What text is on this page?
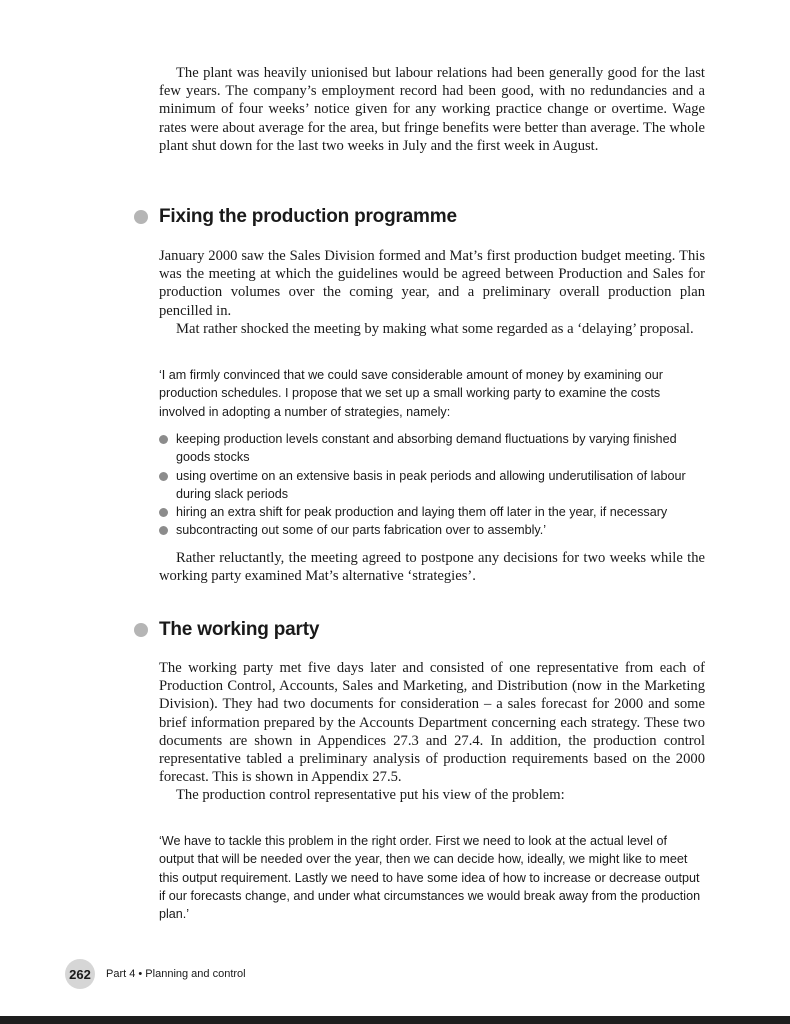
The plant was heavily unionised but labour relations had been generally good for the last few years. The company’s employment record had been good, with no redundancies and a minimum of four weeks’ notice given for any working practice change or overtime. Wage rates were about average for the area, but fringe benefits were better than average. The whole plant shut down for the last two weeks in July and the first week in August.

Fixing the production programme

January 2000 saw the Sales Division formed and Mat’s first production budget meeting. This was the meeting at which the guidelines would be agreed between Production and Sales for production volumes over the coming year, and a preliminary overall production plan pencilled in.

Mat rather shocked the meeting by making what some regarded as a ‘delaying’ proposal.

‘I am firmly convinced that we could save considerable amount of money by examining our production schedules. I propose that we set up a small working party to examine the costs involved in adopting a number of strategies, namely:

keeping production levels constant and absorbing demand fluctuations by varying finished goods stocks
using overtime on an extensive basis in peak periods and allowing underutilisation of labour during slack periods
hiring an extra shift for peak production and laying them off later in the year, if necessary
subcontracting out some of our parts fabrication over to assembly.’

Rather reluctantly, the meeting agreed to postpone any decisions for two weeks while the working party examined Mat’s alternative ‘strategies’.

The working party

The working party met five days later and consisted of one representative from each of Production Control, Accounts, Sales and Marketing, and Distribution (now in the Marketing Division). They had two documents for consideration – a sales forecast for 2000 and some brief information prepared by the Accounts Department concerning each strategy. These two documents are shown in Appendices 27.3 and 27.4. In addition, the production control representative tabled a preliminary analysis of production requirements based on the 2000 forecast. This is shown in Appendix 27.5.

The production control representative put his view of the problem:

‘We have to tackle this problem in the right order. First we need to look at the actual level of output that will be needed over the year, then we can decide how, ideally, we might like to meet this output requirement. Lastly we need to have some idea of how to increase or decrease output if our forecasts change, and under what circumstances we would break away from the production plan.’

262	Part 4 • Planning and control
